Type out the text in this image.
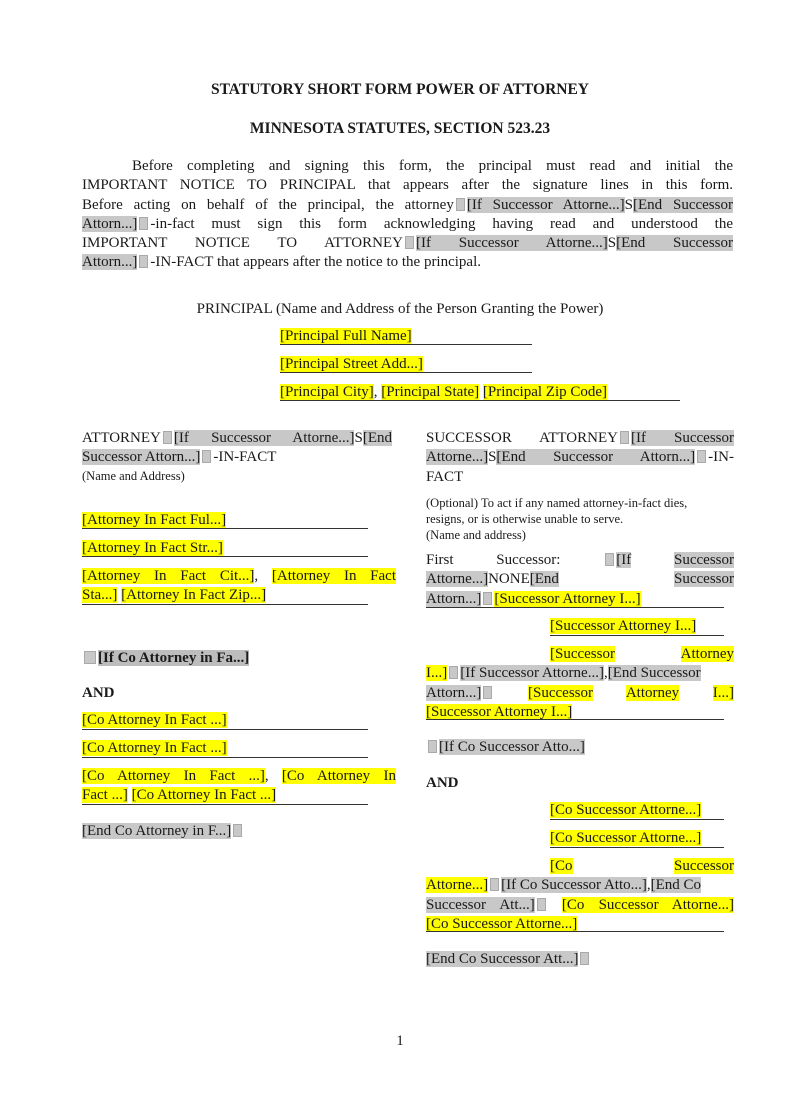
STATUTORY SHORT FORM POWER OF ATTORNEY
MINNESOTA STATUTES, SECTION 523.23
Before completing and signing this form, the principal must read and initial the
IMPORTANT NOTICE TO PRINCIPAL that appears after the signature lines in this form.
Before acting on behalf of the principal, the attorney [If Successor Attorne...]S[End Successor
Attorn...] -in-fact must sign this form acknowledging having read and understood the
IMPORTANT NOTICE TO ATTORNEY [If Successor Attorne...]S[End Successor
Attorn...] -IN-FACT that appears after the notice to the principal.
PRINCIPAL (Name and Address of the Person Granting the Power)
[Principal Full Name]
[Principal Street Add...]
[Principal City], [Principal State] [Principal Zip Code]
ATTORNEY [If Successor Attorne...]S[End
Successor Attorn...] -IN-FACT
(Name and Address)
[Attorney In Fact Ful...]
[Attorney In Fact Str...]
[Attorney In Fact Cit...], [Attorney In Fact
Sta...] [Attorney In Fact Zip...]
[If Co Attorney in Fa...]
AND
[Co Attorney In Fact ...]
[Co Attorney In Fact ...]
[Co Attorney In Fact ...], [Co Attorney In
Fact ...] [Co Attorney In Fact ...]
[End Co Attorney in F...]
SUCCESSOR ATTORNEY [If Successor
Attorne...]S[End Successor Attorn...] -IN-
FACT
(Optional) To act if any named attorney-in-fact dies,
resigns, or is otherwise unable to serve.
(Name and address)
First	Successor:	[If	Successor
Attorne...]NONE[End	Successor
Attorn...] [Successor Attorney I...]
[Successor Attorney I...]
[Successor	Attorney
I...] [If Successor Attorne...],[End Successor
Attorn...]	[Successor Attorney I...]
[Successor Attorney I...]
[If Co Successor Atto...]
AND
[Co Successor Attorne...]
[Co Successor Attorne...]
[Co	Successor
Attorne...] [If Co Successor Atto...],[End Co
Successor Att...] [Co Successor Attorne...]
[Co Successor Attorne...]
[End Co Successor Att...]
1
